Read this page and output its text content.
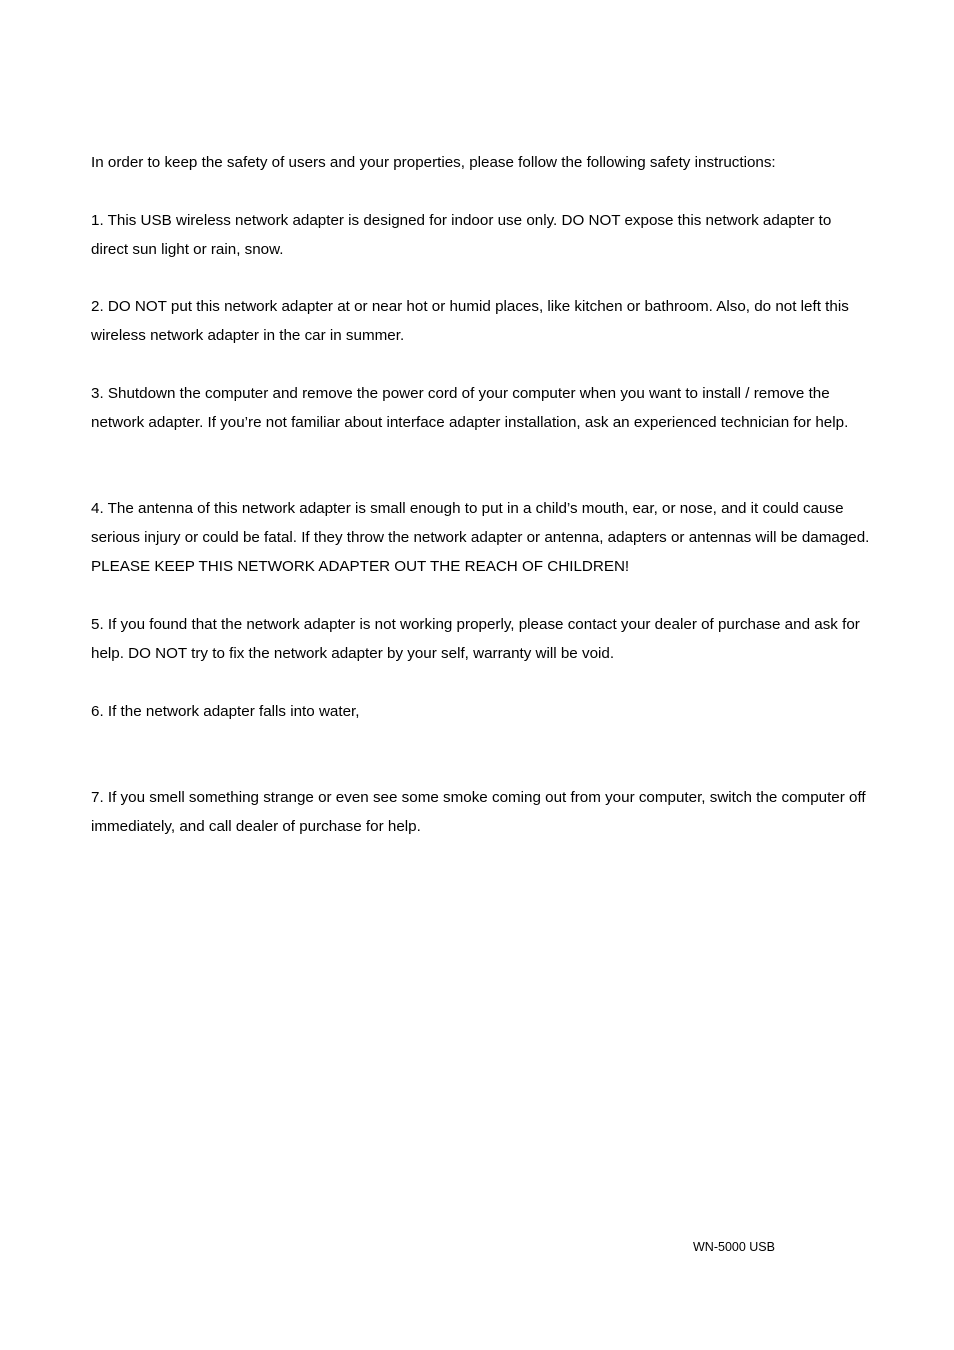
In order to keep the safety of users and your properties, please follow the following safety instructions:

1. This USB wireless network adapter is designed for indoor use only. DO NOT expose this network adapter to direct sun light or rain, snow.

2. DO NOT put this network adapter at or near hot or humid places, like kitchen or bathroom. Also, do not left this wireless network adapter in the car in summer.

3. Shutdown the computer and remove the power cord of your computer when you want to install / remove the network adapter. If you’re not familiar about interface adapter installation, ask an experienced technician for help.

4. The antenna of this network adapter is small enough to put in a child’s mouth, ear, or nose, and it could cause serious injury or could be fatal. If they throw the network adapter or antenna, adapters or antennas will be damaged. PLEASE KEEP THIS NETWORK ADAPTER OUT THE REACH OF CHILDREN!

5. If you found that the network adapter is not working properly, please contact your dealer of purchase and ask for help. DO NOT try to fix the network adapter by your self, warranty will be void.

6. If the network adapter falls into water,

7. If you smell something strange or even see some smoke coming out from your computer, switch the computer off immediately, and call dealer of purchase for help.

WN-5000 USB
